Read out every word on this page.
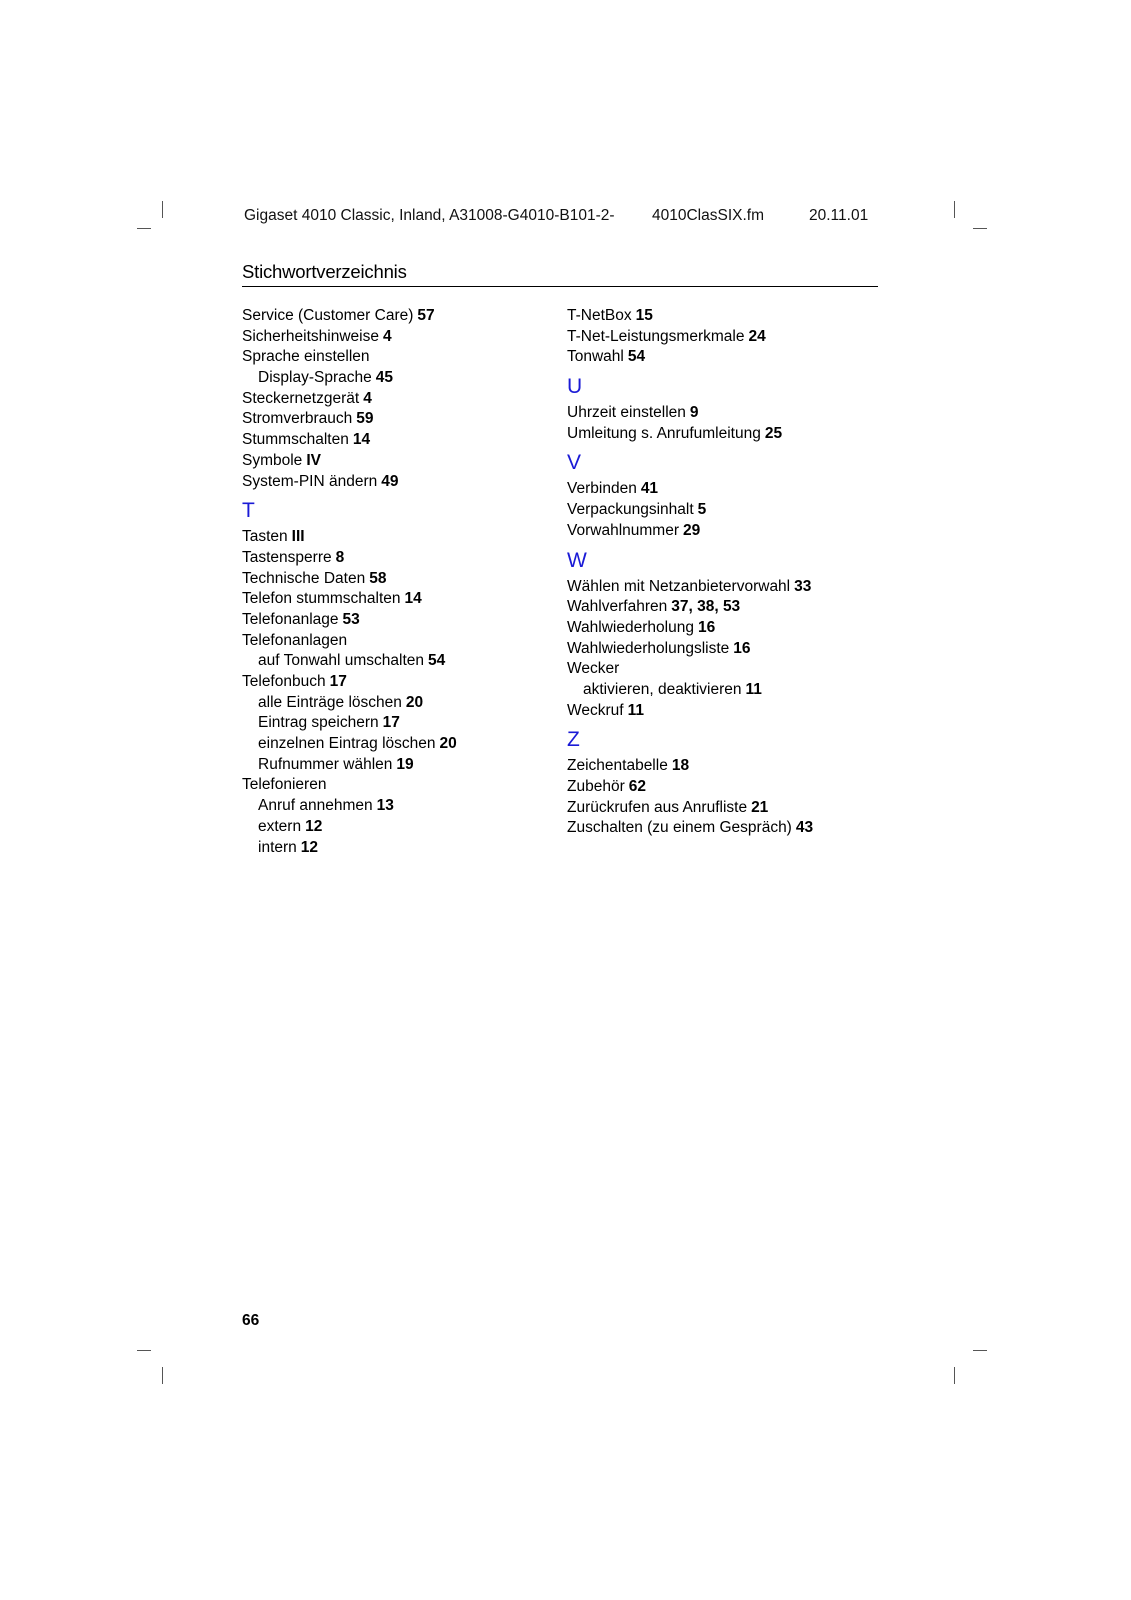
Gigaset 4010 Classic, Inland, A31008-G4010-B101-2- 4010ClasSIX.fm	20.11.01
Stichwortverzeichnis
Service (Customer Care) 57
Sicherheitshinweise 4
Sprache einstellen
Display-Sprache 45
Steckernetzgerät 4
Stromverbrauch 59
Stummschalten 14
Symbole IV
System-PIN ändern 49
T
Tasten III
Tastensperre 8
Technische Daten 58
Telefon stummschalten 14
Telefonanlage 53
Telefonanlagen
auf Tonwahl umschalten 54
Telefonbuch 17
alle Einträge löschen 20
Eintrag speichern 17
einzelnen Eintrag löschen 20
Rufnummer wählen 19
Telefonieren
Anruf annehmen 13
extern 12
intern 12
T-NetBox 15
T-Net-Leistungsmerkmale 24
Tonwahl 54
U
Uhrzeit einstellen 9
Umleitung s. Anrufumleitung 25
V
Verbinden 41
Verpackungsinhalt 5
Vorwahlnummer 29
W
Wählen mit Netzanbietervorwahl 33
Wahlverfahren 37, 38, 53
Wahlwiederholung 16
Wahlwiederholungsliste 16
Wecker
aktivieren, deaktivieren 11
Weckruf 11
Z
Zeichentabelle 18
Zubehör 62
Zurückrufen aus Anrufliste 21
Zuschalten (zu einem Gespräch) 43
66
